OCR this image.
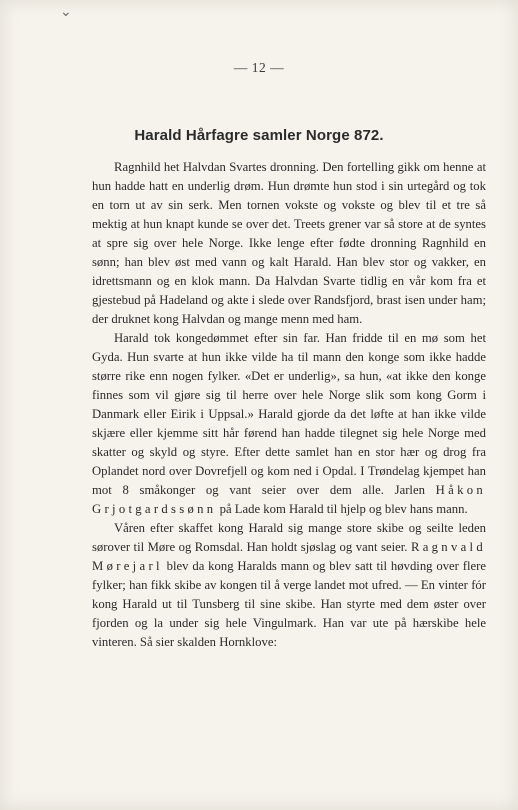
⌄
— 12 —
Harald Hårfagre samler Norge 872.

Ragnhild het Halvdan Svartes dronning. Den fortelling gikk om henne at hun hadde hatt en underlig drøm. Hun drømte hun stod i sin urtegård og tok en torn ut av sin serk. Men tornen vokste og vokste og blev til et tre så mektig at hun knapt kunde se over det. Treets grener var så store at de syntes at spre sig over hele Norge. Ikke lenge efter fødte dronning Ragnhild en sønn; han blev øst med vann og kalt Harald. Han blev stor og vakker, en idrettsmann og en klok mann. Da Halvdan Svarte tidlig en vår kom fra et gjestebud på Hadeland og akte i slede over Randsfjord, brast isen under ham; der druknet kong Halvdan og mange menn med ham.

Harald tok kongedømmet efter sin far. Han fridde til en mø som het Gyda. Hun svarte at hun ikke vilde ha til mann den konge som ikke hadde større rike enn nogen fylker. «Det er underlig», sa hun, «at ikke den konge finnes som vil gjøre sig til herre over hele Norge slik som kong Gorm i Danmark eller Eirik i Uppsal.» Harald gjorde da det løfte at han ikke vilde skjære eller kjemme sitt hår førend han hadde tilegnet sig hele Norge med skatter og skyld og styre. Efter dette samlet han en stor hær og drog fra Oplandet nord over Dovrefjell og kom ned i Opdal. I Trøndelag kjempet han mot 8 småkonger og vant seier over dem alle. Jarlen Håkon Grjotgardssønn på Lade kom Harald til hjelp og blev hans mann.

Våren efter skaffet kong Harald sig mange store skibe og seilte leden sørover til Møre og Romsdal. Han holdt sjøslag og vant seier. Ragnvald Mørejarl blev da kong Haralds mann og blev satt til høvding over flere fylker; han fikk skibe av kongen til å verge landet mot ufred. — En vinter fór kong Harald ut til Tunsberg til sine skibe. Han styrte med dem øster over fjorden og la under sig hele Vingulmark. Han var ute på hærskibe hele vinteren. Så sier skalden Hornklove:
